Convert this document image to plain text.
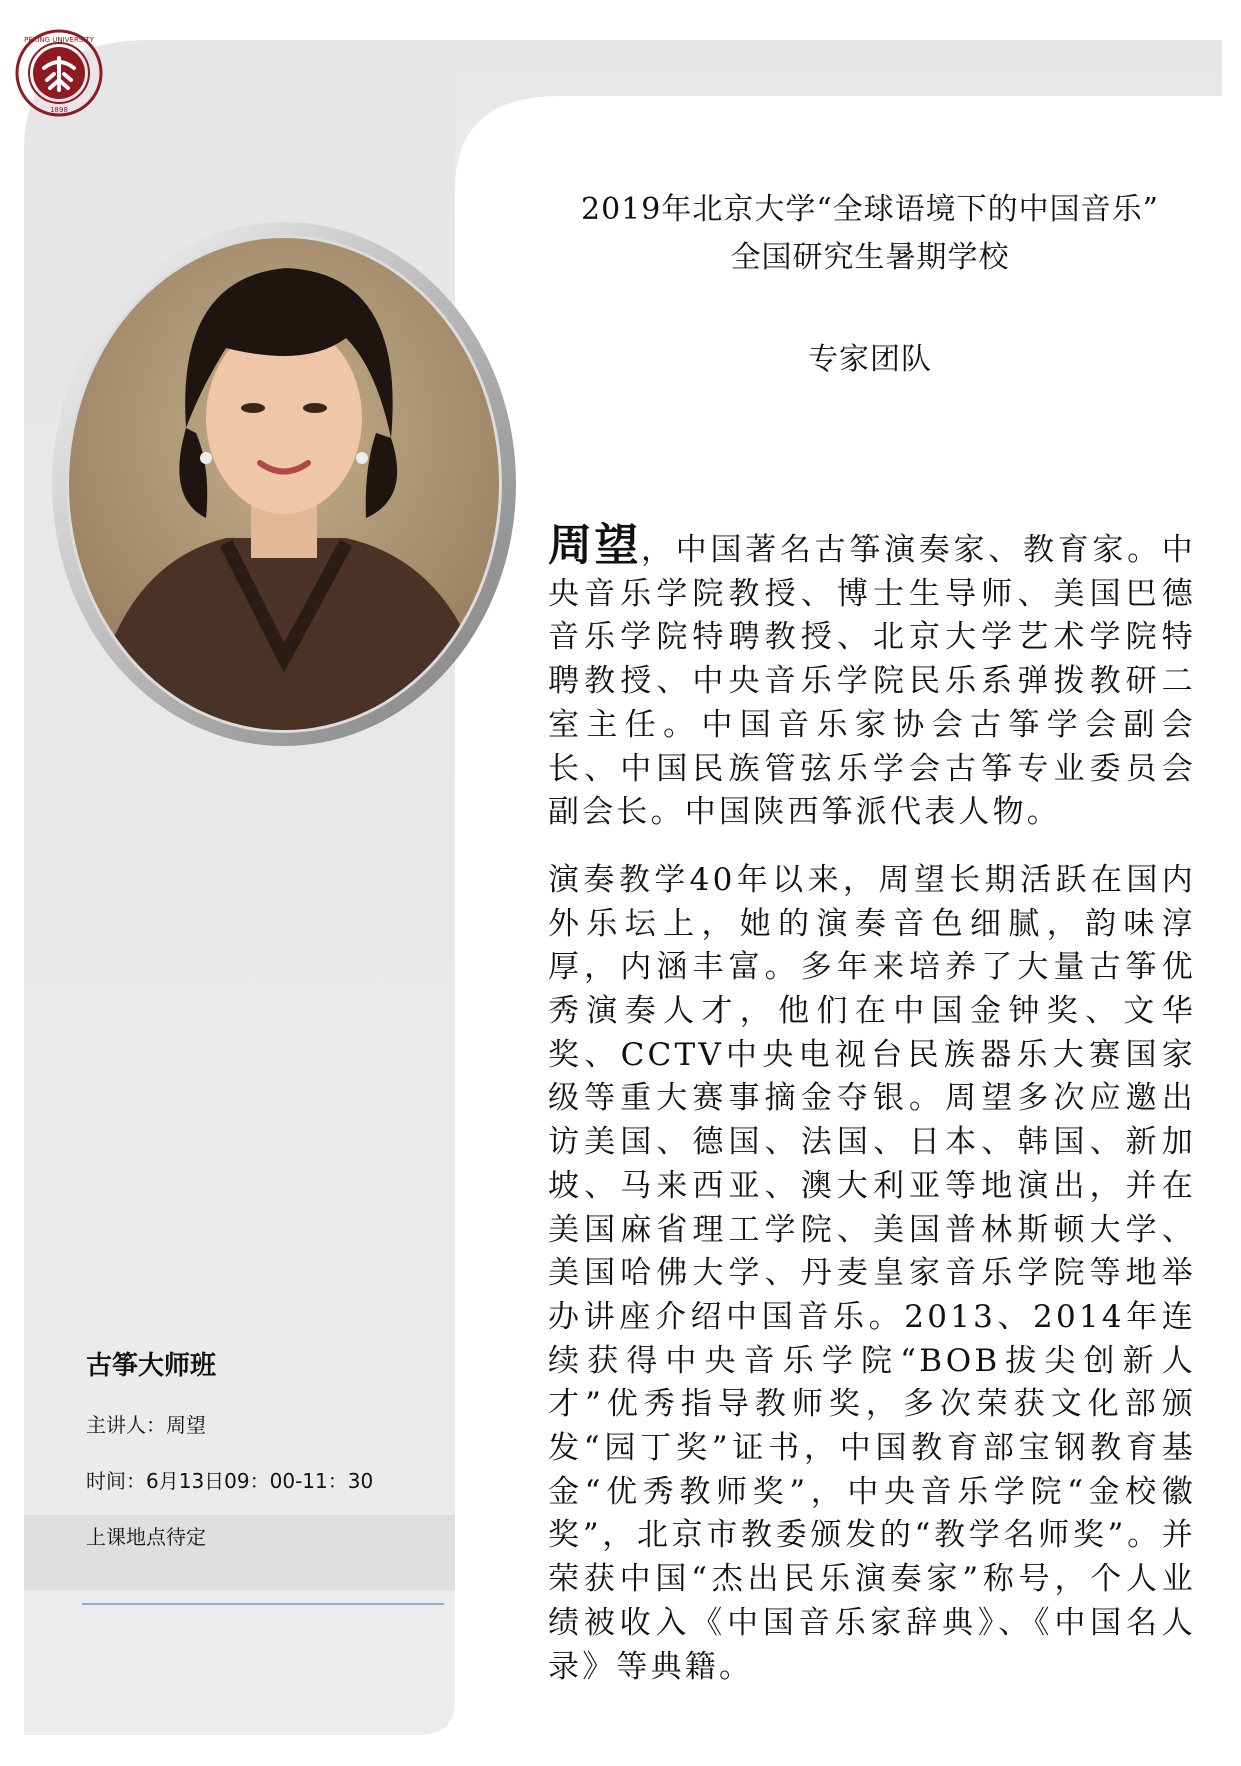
PEKING UNIVERSITY
1898
2019年北京大学“全球语境下的中国音乐”
全国研究生暑期学校
专家团队

周望，中国著名古筝演奏家、教育家。中央音乐学院教授、博士生导师、美国巴德音乐学院特聘教授、北京大学艺术学院特聘教授、中央音乐学院民乐系弹拨教研二室主任。中国音乐家协会古筝学会副会长、中国民族管弦乐学会古筝专业委员会副会长。中国陕西筝派代表人物。

演奏教学40年以来，周望长期活跃在国内外乐坛上，她的演奏音色细腻，韵味淳厚，内涵丰富。多年来培养了大量古筝优秀演奏人才，他们在中国金钟奖、文华奖、CCTV中央电视台民族器乐大赛国家级等重大赛事摘金夺银。周望多次应邀出访美国、德国、法国、日本、韩国、新加坡、马来西亚、澳大利亚等地演出，并在美国麻省理工学院、美国普林斯顿大学、美国哈佛大学、丹麦皇家音乐学院等地举办讲座介绍中国音乐。2013、2014年连续获得中央音乐学院“BOB拔尖创新人才”优秀指导教师奖，多次荣获文化部颁发“园丁奖”证书，中国教育部宝钢教育基金“优秀教师奖”，中央音乐学院“金校徽奖”，北京市教委颁发的“教学名师奖”。并荣获中国“杰出民乐演奏家”称号，个人业绩被收入《中国音乐家辞典》、《中国名人录》等典籍。

古筝大师班
主讲人：周望
时间：6月13日09：00-11：30
上课地点待定
